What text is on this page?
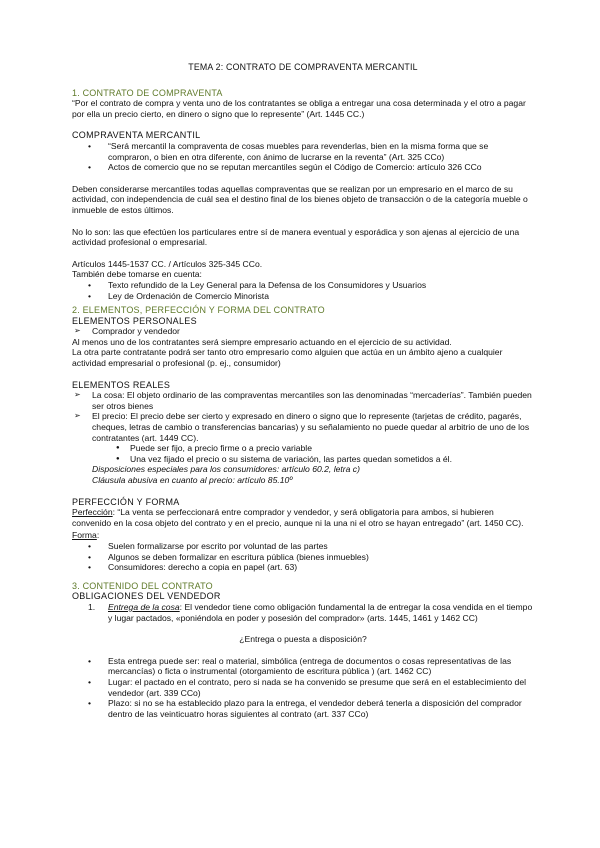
TEMA 2: CONTRATO DE COMPRAVENTA MERCANTIL
1. CONTRATO DE COMPRAVENTA

“Por el contrato de compra y venta uno de los contratantes se obliga a entregar una cosa determinada y el otro a pagar por ella un precio cierto, en dinero o signo que lo represente” (Art. 1445 CC.)

COMPRAVENTA MERCANTIL
• “Será mercantil la compraventa de cosas muebles para revenderlas, bien en la misma forma que se compraron, o bien en otra diferente, con ánimo de lucrarse en la reventa” (Art. 325 CCo)
• Actos de comercio que no se reputan mercantiles según el Código de Comercio: artículo 326 CCo

Deben considerarse mercantiles todas aquellas compraventas que se realizan por un empresario en el marco de su actividad, con independencia de cuál sea el destino final de los bienes objeto de transacción o de la categoría mueble o inmueble de estos últimos.

No lo son: las que efectúen los particulares entre sí de manera eventual y esporádica y son ajenas al ejercicio de una actividad profesional o empresarial.

Artículos 1445-1537 CC. / Artículos 325-345 CCo.

También debe tomarse en cuenta:

• Texto refundido de la Ley General para la Defensa de los Consumidores y Usuarios
• Ley de Ordenación de Comercio Minorista
2. ELEMENTOS, PERFECCIÓN Y FORMA DEL CONTRATO
ELEMENTOS PERSONALES
➢ Comprador y vendedor

Al menos uno de los contratantes será siempre empresario actuando en el ejercicio de su actividad.

La otra parte contratante podrá ser tanto otro empresario como alguien que actúa en un ámbito ajeno a cualquier actividad empresarial o profesional (p. ej., consumidor)

ELEMENTOS REALES
➢ La cosa: El objeto ordinario de las compraventas mercantiles son las denominadas “mercaderías”. También pueden ser otros bienes
➢ El precio: El precio debe ser cierto y expresado en dinero o signo que lo represente (tarjetas de crédito, pagarés, cheques, letras de cambio o transferencias bancarias) y su señalamiento no puede quedar al arbitrio de uno de los contratantes (art. 1449 CC).
● Puede ser fijo, a precio firme o a precio variable
● Una vez fijado el precio o su sistema de variación, las partes quedan sometidos a él.

Disposiciones especiales para los consumidores: artículo 60.2, letra c)

Cláusula abusiva en cuanto al precio: artículo 85.10º

PERFECCIÓN Y FORMA

Perfección: “La venta se perfeccionará entre comprador y vendedor, y será obligatoria para ambos, si hubieren convenido en la cosa objeto del contrato y en el precio, aunque ni la una ni el otro se hayan entregado” (art. 1450 CC).

Forma:

• Suelen formalizarse por escrito por voluntad de las partes
• Algunos se deben formalizar en escritura pública (bienes inmuebles)
• Consumidores: derecho a copia en papel (art. 63)
3. CONTENIDO DEL CONTRATO
OBLIGACIONES DEL VENDEDOR
1. Entrega de la cosa: El vendedor tiene como obligación fundamental la de entregar la cosa vendida en el tiempo y lugar pactados, «poniéndola en poder y posesión del comprador» (arts. 1445, 1461 y 1462 CC)

¿Entrega o puesta a disposición?

• Esta entrega puede ser: real o material, simbólica (entrega de documentos o cosas representativas de las mercancías) o ficta o instrumental (otorgamiento de escritura pública ) (art. 1462 CC)
• Lugar: el pactado en el contrato, pero si nada se ha convenido se presume que será en el establecimiento del vendedor (art. 339 CCo)
• Plazo: si no se ha establecido plazo para la entrega, el vendedor deberá tenerla a disposición del comprador dentro de las veinticuatro horas siguientes al contrato (art. 337 CCo)
